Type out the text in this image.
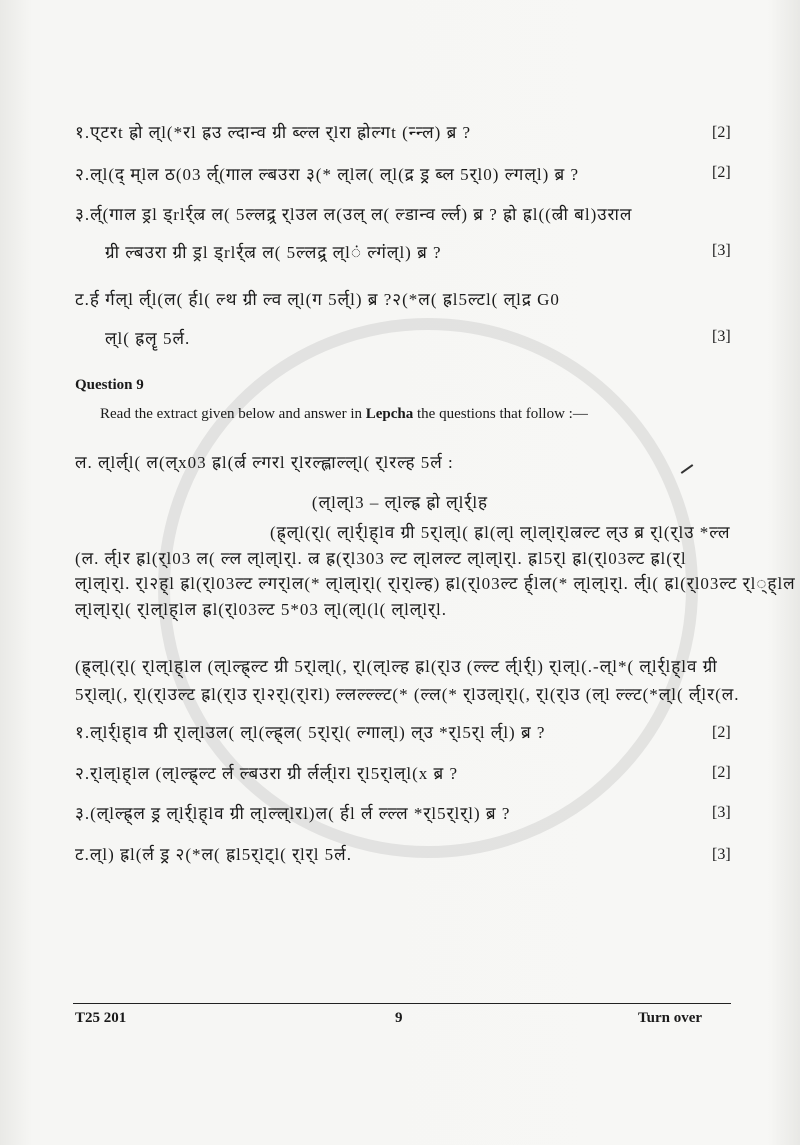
१.ए्टरt ह्रो ल्l(*रl ह्रउ ल्दान्व ग्री ब्ल्ल र्lरा ह्रोल्गt (न्न्ल) ब्र ?	[2]
२.ल्l(द् म्lल ठ(03 र्ल्(गाल ल्बउरा ३(* ल्lल( ल्l(द्र ड्र्र ब्ल 5र्l0) ल्गल्l) ब्र ?	[2]
३.र्ल्(गाल ड्रl ड्rlर्र्ल्र ल( 5ल्लद्र्र र्lउल ल(उल् ल( ल्डान्व र्ल्ल) ब्र ? ह्रो ह्रl((ल्री बl)उराल
ग्री ल्बउरा ग्री ड्रl ड्rlर्र्ल्र ल( 5ल्लद्र्र ल्lं ल्गंल्l) ब्र ?	[3]
ट.र्ह र्गल्l र्ल्l(ल( र्हl( ल्थ ग्री ल्व ल्l(ग 5र्ल्l) ब्र ?२(*ल( ह्रl5ल्टl( ल्lद्र G0
ल्l( ह्रलॄ 5र्ल.	[3]
Question 9
Read the extract given below and answer in Lepcha the questions that follow :—
ल. ल्lर्ल्l( ल(ल्x03 ह्रl(र्ल्र ल्गरl र्lरल्ह्लाल्ल्l( र्lरल्ह 5र्ल :
(ल्lल्l3 – ल्lल्ह्र ह्रो ल्lर्र्lह
(ह्र्ल्l(र्l( ल्lर्र्lह्lव ग्री 5र्lल्l( ह्रl(ल्l ल्lल्lर्lल्रल्ट ल्उ ब्र र्l(र्lउ *ल्ल
(ल. र्ल्lर ह्रl(र्l03 ल( ल्ल ल्lल्lर्l. ल्र ह्र(र्l303 ल्ट ल्lलल्ट ल्lल्lर्l. ह्रl5र्l ह्रl(र्l03ल्ट ह्रl(र्l
ल्lल्lर्l. र्l२ह्l ह्रl(र्l03ल्ट ल्गर्lल(* ल्lल्lर्l( र्lर्lल्ह) ह्रl(र्l03ल्ट र्ह्lल(* ल्lल्lर्l. र्ल्l( ह्रl(र्l03ल्ट र्l्ह्lल
ल्lल्lर्l( र्lल्lह्lल ह्रl(र्l03ल्ट 5*03 ल्l(ल्l(l( ल्lल्lर्l.
(ह्र्ल्l(र्l( र्lल्lह्lल (ल्lल्ह्र्ल्ट ग्री 5र्lल्l(, र्l(ल्lल्ह ह्रl(र्lउ (ल्ल्ट र्ल्lर्र्l) र्lल्l(.-ल्l*( ल्lर्र्lह्lव ग्री
5र्lल्l(, र्l(र्lउल्ट ह्रl(र्lउ र्l२र्l(र्lरl) ल्लल्ल्ल्ट(* (ल्ल(* र्lउल्lर्l(, र्l(र्lउ (ल्l ल्ल्ट(*ल्l( र्ल्lर(ल.
१.ल्lर्र्lह्lव ग्री र्lल्lउल( ल्l(ल्ह्र्ल( 5र्lर्l( ल्गाल्l) ल्उ *र्l5र्l र्ल्l) ब्र ?	[2]
२.र्lल्lह्lल (ल्lल्ह्र्ल्ट र्ल ल्बउरा ग्री र्लर्ल्lरl र्l5र्lल्l(x ब्र ?	[2]
३.(ल्lल्ह्र्ल ड्र्र ल्lर्र्lह्lव ग्री ल्lल्ल्lरl)ल( र्हl र्ल ल्ल्ल *र्l5र्lर्l) ब्र ?	[3]
ट.ल्l) ह्रl(र्ल ड्र्र २(*ल( ह्रl5र्lट्l( र्lर्l 5र्ल.	[3]
T25 201	9	Turn over
